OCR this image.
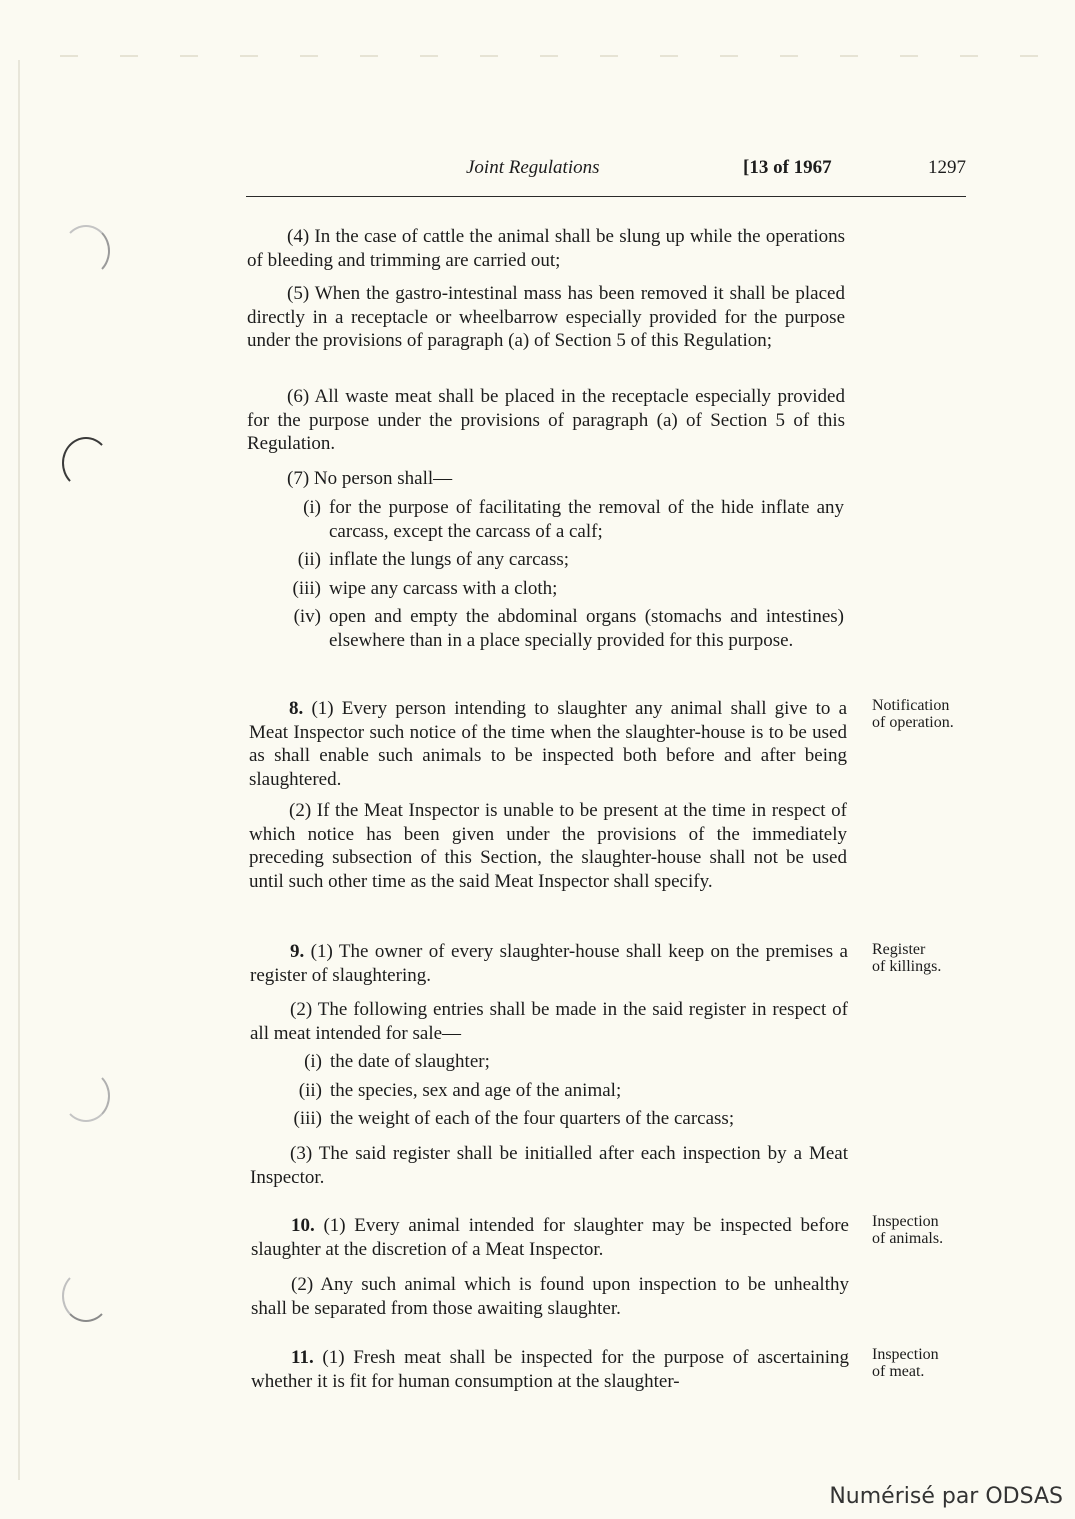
Joint Regulations	[13 of 1967	1297
(4) In the case of cattle the animal shall be slung up while the operations of bleeding and trimming are carried out;
(5) When the gastro-intestinal mass has been removed it shall be placed directly in a receptacle or wheelbarrow especially provided for the purpose under the provisions of paragraph (a) of Section 5 of this Regulation;
(6) All waste meat shall be placed in the receptacle especially provided for the purpose under the provisions of paragraph (a) of Section 5 of this Regulation.
(7) No person shall—
(i) for the purpose of facilitating the removal of the hide inflate any carcass, except the carcass of a calf;
(ii) inflate the lungs of any carcass;
(iii) wipe any carcass with a cloth;
(iv) open and empty the abdominal organs (stomachs and intestines) elsewhere than in a place specially provided for this purpose.
8. (1) Every person intending to slaughter any animal shall give to a Meat Inspector such notice of the time when the slaughter-house is to be used as shall enable such animals to be inspected both before and after being slaughtered.
Notification
of operation.
(2) If the Meat Inspector is unable to be present at the time in respect of which notice has been given under the provisions of the immediately preceding subsection of this Section, the slaughter-house shall not be used until such other time as the said Meat Inspector shall specify.
9. (1) The owner of every slaughter-house shall keep on the premises a register of slaughtering.
Register
of killings.
(2) The following entries shall be made in the said register in respect of all meat intended for sale—
(i) the date of slaughter;
(ii) the species, sex and age of the animal;
(iii) the weight of each of the four quarters of the carcass;
(3) The said register shall be initialled after each inspection by a Meat Inspector.
10. (1) Every animal intended for slaughter may be inspected before slaughter at the discretion of a Meat Inspector.
Inspection
of animals.
(2) Any such animal which is found upon inspection to be unhealthy shall be separated from those awaiting slaughter.
11. (1) Fresh meat shall be inspected for the purpose of ascertaining whether it is fit for human consumption at the slaughter-
Inspection
of meat.
Numérisé par ODSAS
